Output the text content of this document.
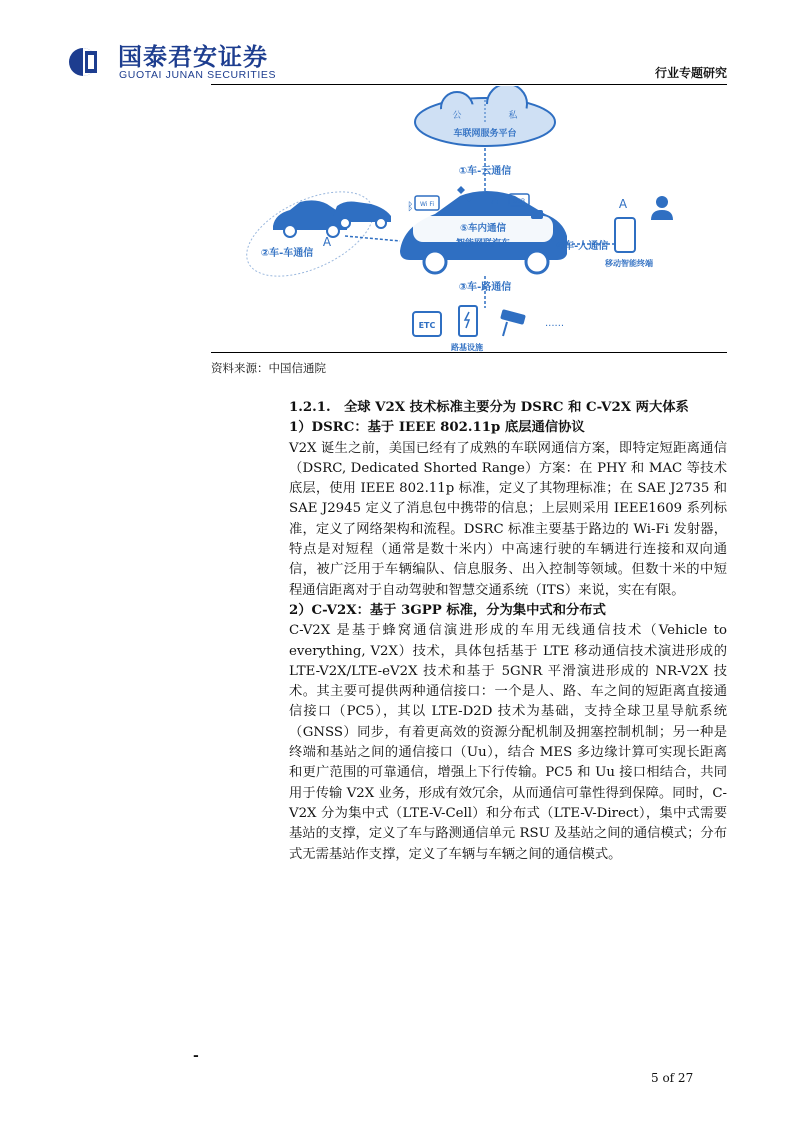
国泰君安证券
GUOTAI JUNAN SECURITIES	行业专题研究
公	私
车联网服务平台
①车-云通信
⑤车内通信
智能网联汽车
Wi Fi
ᛒ	A USB
A
②车-车通信
④车-人通信
A
移动智能终端
③车-路通信
ETC	......
路基设施
资料来源：中国信通院

1.2.1.　全球 V2X 技术标准主要分为 DSRC 和 C-V2X 两大体系

1）DSRC：基于 IEEE 802.11p 底层通信协议

V2X 诞生之前，美国已经有了成熟的车联网通信方案，即特定短距离通信（DSRC, Dedicated Shorted Range）方案：在 PHY 和 MAC 等技术底层，使用 IEEE 802.11p 标准，定义了其物理标准；在 SAE J2735 和 SAE J2945 定义了消息包中携带的信息；上层则采用 IEEE1609 系列标准，定义了网络架构和流程。DSRC 标准主要基于路边的 Wi-Fi 发射器，特点是对短程（通常是数十米内）中高速行驶的车辆进行连接和双向通信，被广泛用于车辆编队、信息服务、出入控制等领域。但数十米的中短程通信距离对于自动驾驶和智慧交通系统（ITS）来说，实在有限。

2）C-V2X：基于 3GPP 标准，分为集中式和分布式

C-V2X 是基于蜂窝通信演进形成的车用无线通信技术（Vehicle to everything, V2X）技术，具体包括基于 LTE 移动通信技术演进形成的 LTE-V2X/LTE-eV2X 技术和基于 5GNR 平滑演进形成的 NR-V2X 技术。其主要可提供两种通信接口：一个是人、路、车之间的短距离直接通信接口（PC5），其以 LTE-D2D 技术为基础，支持全球卫星导航系统（GNSS）同步，有着更高效的资源分配机制及拥塞控制机制；另一种是终端和基站之间的通信接口（Uu），结合 MES 多边缘计算可实现长距离和更广范围的可靠通信，增强上下行传输。PC5 和 Uu 接口相结合，共同用于传输 V2X 业务，形成有效冗余，从而通信可靠性得到保障。同时，C-V2X 分为集中式（LTE-V-Cell）和分布式（LTE-V-Direct），集中式需要基站的支撑，定义了车与路测通信单元 RSU 及基站之间的通信模式；分布式无需基站作支撑，定义了车辆与车辆之间的通信模式。

-
5 of 27
